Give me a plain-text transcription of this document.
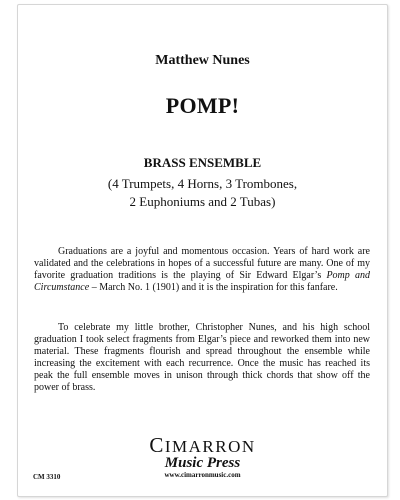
Matthew Nunes
POMP!
BRASS ENSEMBLE
(4 Trumpets, 4 Horns, 3 Trombones,
2 Euphoniums and 2 Tubas)

Graduations are a joyful and momentous occasion. Years of hard work are validated and the celebrations in hopes of a successful future are many. One of my favorite graduation traditions is the playing of Sir Edward Elgar’s Pomp and Circumstance – March No. 1 (1901) and it is the inspiration for this fanfare.

To celebrate my little brother, Christopher Nunes, and his high school graduation I took select fragments from Elgar’s piece and reworked them into new material. These fragments flourish and spread throughout the ensemble while increasing the excitement with each recurrence. Once the music has reached its peak the full ensemble moves in unison through thick chords that show off the power of brass.

CIMARRON
Music Press
www.cimarronmusic.com
CM 3310
